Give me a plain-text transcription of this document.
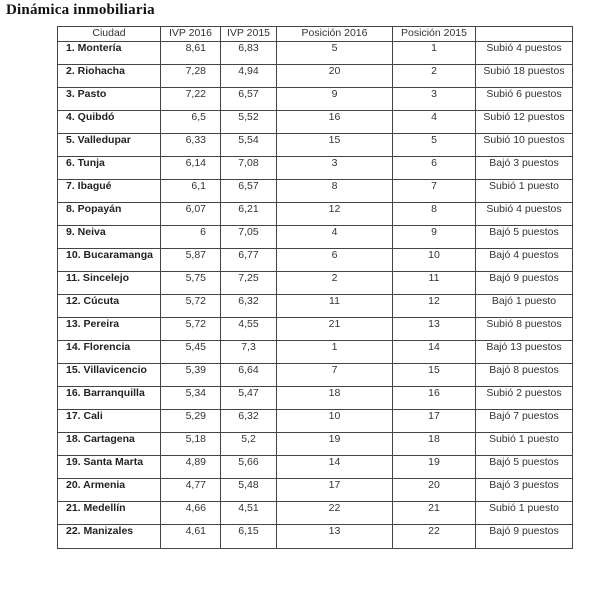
Dinámica inmobiliaria
Ciudad	IVP 2016	IVP 2015	Posición 2016	Posición 2015	
1. Montería	8,61	6,83	5	1	Subió 4 puestos
2. Riohacha	7,28	4,94	20	2	Subió 18 puestos
3. Pasto	7,22	6,57	9	3	Subió 6 puestos
4. Quibdó	6,5	5,52	16	4	Subió 12 puestos
5. Valledupar	6,33	5,54	15	5	Subió 10 puestos
6. Tunja	6,14	7,08	3	6	Bajó 3 puestos
7. Ibagué	6,1	6,57	8	7	Subió 1 puesto
8. Popayán	6,07	6,21	12	8	Subió 4 puestos
9. Neiva	6	7,05	4	9	Bajó 5 puestos
10. Bucaramanga	5,87	6,77	6	10	Bajó 4 puestos
11. Sincelejo	5,75	7,25	2	11	Bajó 9 puestos
12. Cúcuta	5,72	6,32	11	12	Bajó 1 puesto
13. Pereira	5,72	4,55	21	13	Subió 8 puestos
14. Florencia	5,45	7,3	1	14	Bajó 13 puestos
15. Villavicencio	5,39	6,64	7	15	Bajó 8 puestos
16. Barranquilla	5,34	5,47	18	16	Subió 2 puestos
17. Cali	5,29	6,32	10	17	Bajó 7 puestos
18. Cartagena	5,18	5,2	19	18	Subió 1 puesto
19. Santa Marta	4,89	5,66	14	19	Bajó 5 puestos
20. Armenia	4,77	5,48	17	20	Bajó 3 puestos
21. Medellín	4,66	4,51	22	21	Subió 1 puesto
22. Manizales	4,61	6,15	13	22	Bajó 9 puestos
